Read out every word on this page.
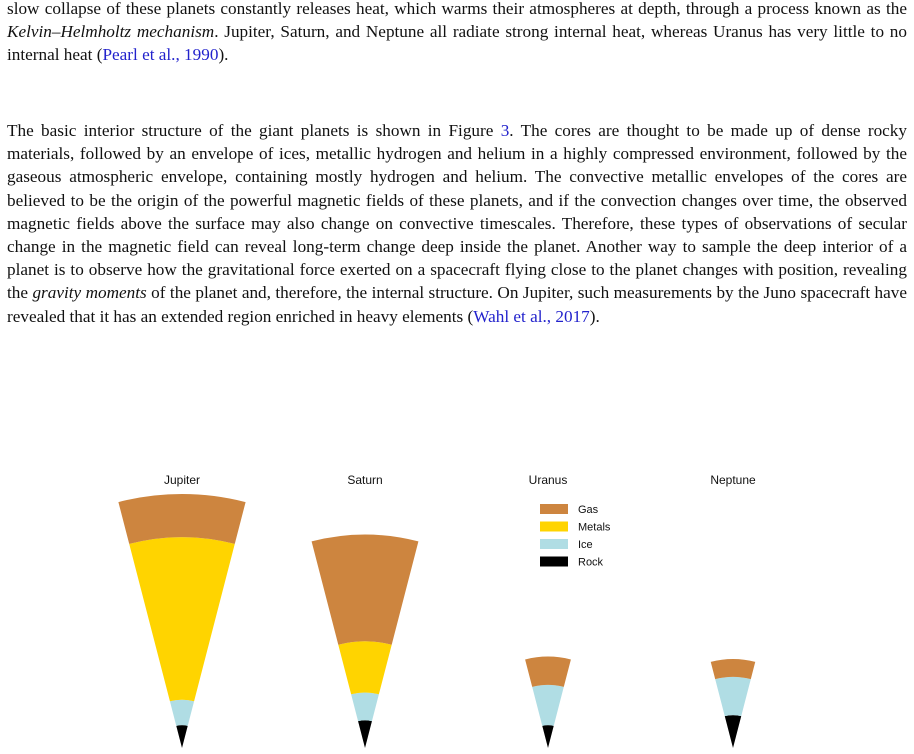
slow collapse of these planets constantly releases heat, which warms their atmospheres at depth, through a process known as the Kelvin–Helmholtz mechanism. Jupiter, Saturn, and Neptune all radiate strong internal heat, whereas Uranus has very little to no internal heat (Pearl et al., 1990).

The basic interior structure of the giant planets is shown in Figure 3. The cores are thought to be made up of dense rocky materials, followed by an envelope of ices, metallic hydrogen and helium in a highly compressed environment, followed by the gaseous atmospheric envelope, containing mostly hydrogen and helium. The convective metallic envelopes of the cores are believed to be the origin of the powerful magnetic fields of these planets, and if the convection changes over time, the observed magnetic fields above the surface may also change on convective timescales. Therefore, these types of observations of secular change in the magnetic field can reveal long-term change deep inside the planet. Another way to sample the deep interior of a planet is to observe how the gravitational force exerted on a spacecraft flying close to the planet changes with position, revealing the gravity moments of the planet and, therefore, the internal structure. On Jupiter, such measurements by the Juno spacecraft have revealed that it has an extended region enriched in heavy elements (Wahl et al., 2017).

Jupiter	Saturn	Uranus	Neptune
Gas
Metals
Ice
Rock
